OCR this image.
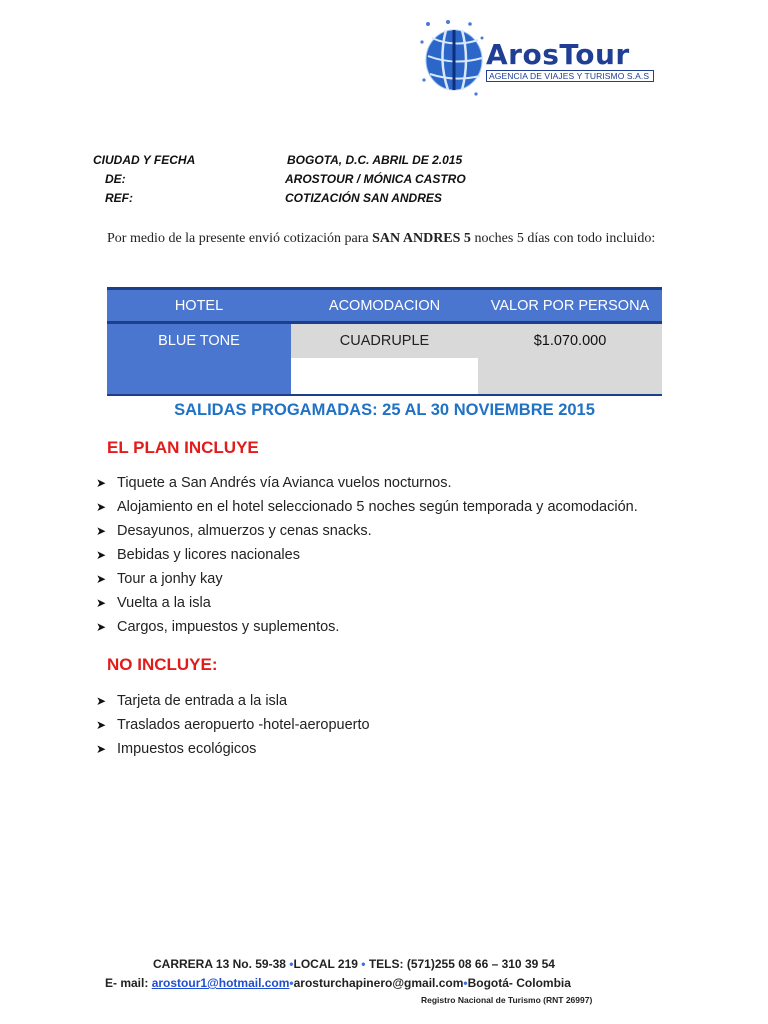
ArosTour
AGENCIA DE VIAJES Y TURISMO S.A.S
CIUDAD Y FECHA	BOGOTA, D.C. ABRIL DE 2.015
DE:	AROSTOUR / MÓNICA CASTRO
REF:	COTIZACIÓN SAN ANDRES
Por medio de la presente envió cotización para SAN ANDRES 5 noches 5 días con todo incluido:
HOTEL	ACOMODACION	VALOR POR PERSONA
BLUE TONE	CUADRUPLE	$1.070.000
SALIDAS PROGAMADAS: 25 AL 30 NOVIEMBRE 2015
EL PLAN INCLUYE
➤ Tiquete a San Andrés vía Avianca vuelos nocturnos.
➤ Alojamiento en el hotel seleccionado 5 noches según temporada y acomodación.
➤ Desayunos, almuerzos y cenas snacks.
➤ Bebidas y licores nacionales
➤ Tour a jonhy kay
➤ Vuelta a la isla
➤ Cargos, impuestos y suplementos.
NO INCLUYE:
➤ Tarjeta de entrada a la isla
➤ Traslados aeropuerto -hotel-aeropuerto
➤ Impuestos ecológicos
CARRERA 13 No. 59-38 •LOCAL 219 • TELS: (571)255 08 66 – 310 39 54
E- mail: arostour1@hotmail.com•arosturchapinero@gmail.com•Bogotá- Colombia
Registro Nacional de Turismo (RNT 26997)
